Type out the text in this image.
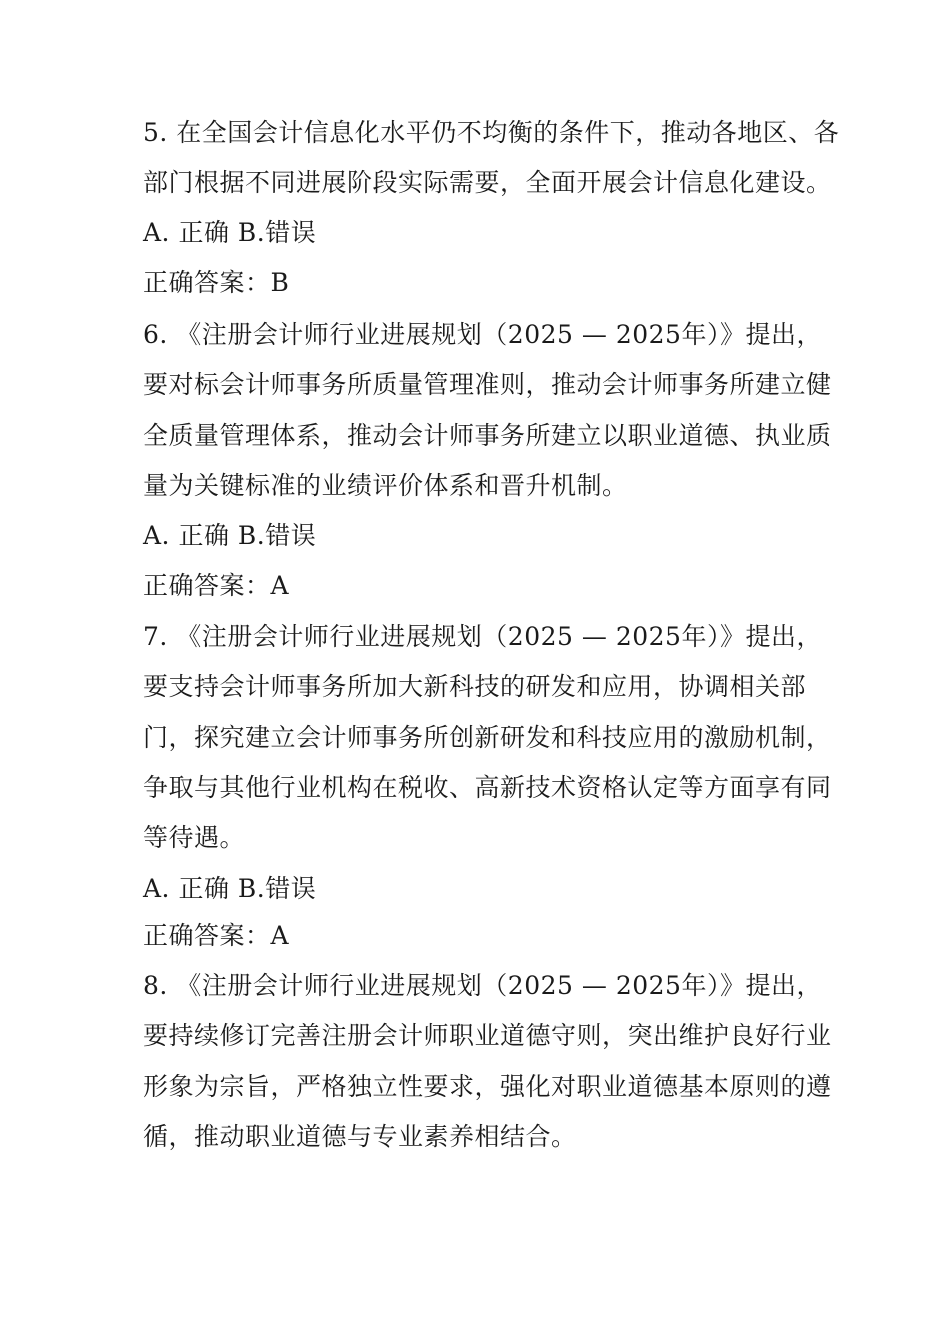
5. 在全国会计信息化水平仍不均衡的条件下，推动各地区、各
部门根据不同进展阶段实际需要，全面开展会计信息化建设。
A. 正确 B.错误
正确答案：B
6. 《注册会计师行业进展规划（2025 — 2025年）》提出，
要对标会计师事务所质量管理准则，推动会计师事务所建立健
全质量管理体系，推动会计师事务所建立以职业道德、执业质
量为关键标准的业绩评价体系和晋升机制。
A. 正确 B.错误
正确答案：A
7. 《注册会计师行业进展规划（2025 — 2025年）》提出，
要支持会计师事务所加大新科技的研发和应用，协调相关部
门，探究建立会计师事务所创新研发和科技应用的激励机制，
争取与其他行业机构在税收、高新技术资格认定等方面享有同
等待遇。
A. 正确 B.错误
正确答案：A
8. 《注册会计师行业进展规划（2025 — 2025年）》提出，
要持续修订完善注册会计师职业道德守则，突出维护良好行业
形象为宗旨，严格独立性要求，强化对职业道德基本原则的遵
循，推动职业道德与专业素养相结合。
